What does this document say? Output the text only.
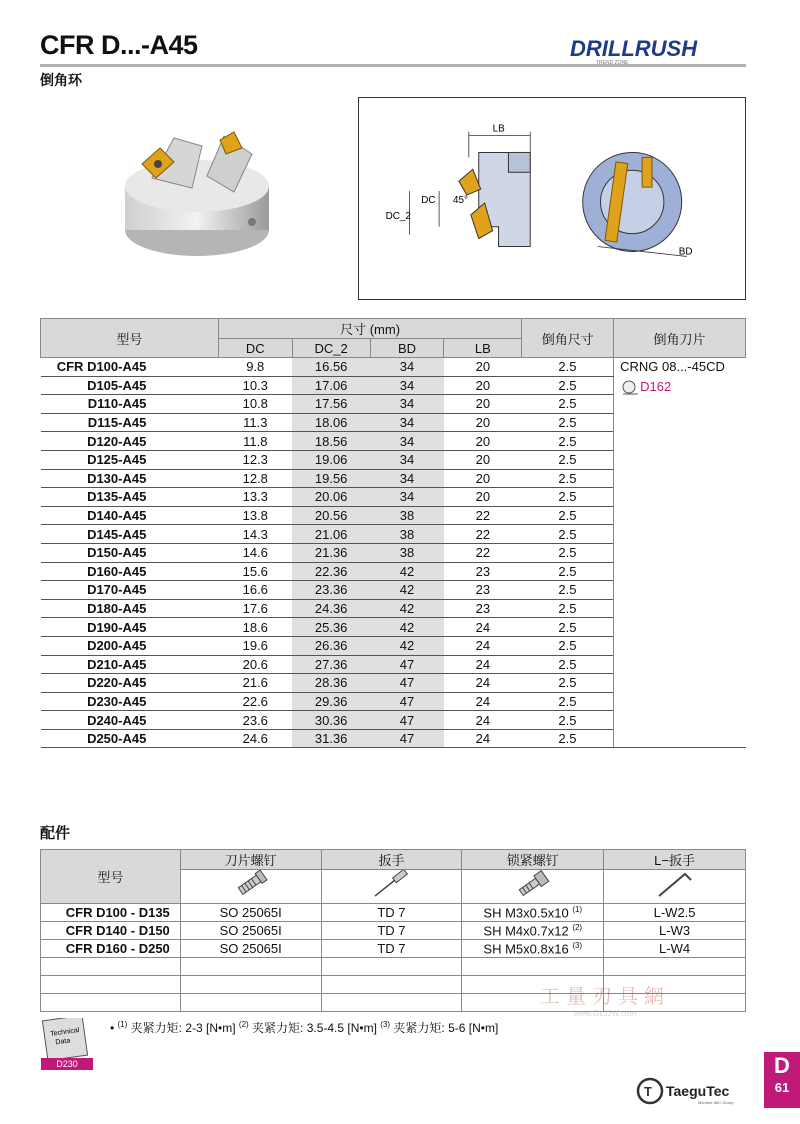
CFR D...-A45
倒角环
DRILLRUSH
TREND ZONE
LB
DC
DC_2
45°
BD
型号	尺寸 (mm)				倒角尺寸	倒角刀片
	DC	DC_2	BD	LB		
CFR D100-A45	9.8	16.56	34	20	2.5	CRNG 08...-45CD
D162

D105-A45	10.3	17.06	34	20	2.5	
D110-A45	10.8	17.56	34	20	2.5	
D115-A45	11.3	18.06	34	20	2.5	
D120-A45	11.8	18.56	34	20	2.5	
D125-A45	12.3	19.06	34	20	2.5	
D130-A45	12.8	19.56	34	20	2.5	
D135-A45	13.3	20.06	34	20	2.5	
D140-A45	13.8	20.56	38	22	2.5	
D145-A45	14.3	21.06	38	22	2.5	
D150-A45	14.6	21.36	38	22	2.5	
D160-A45	15.6	22.36	42	23	2.5	
D170-A45	16.6	23.36	42	23	2.5	
D180-A45	17.6	24.36	42	23	2.5	
D190-A45	18.6	25.36	42	24	2.5	
D200-A45	19.6	26.36	42	24	2.5	
D210-A45	20.6	27.36	47	24	2.5	
D220-A45	21.6	28.36	47	24	2.5	
D230-A45	22.6	29.36	47	24	2.5	
D240-A45	23.6	30.36	47	24	2.5	
D250-A45	24.6	31.36	47	24	2.5	
配件
型号	刀片螺钉	扳手	锁紧螺钉	L−扳手

CFR D100 - D135	SO 25065I	TD 7	SH M3x0.5x10 $^{(1)}$	L-W2.5
CFR D140 - D150	SO 25065I	TD 7	SH M4x0.7x12 $^{(2)}$	L-W3
CFR D160 - D250	SO 25065I	TD 7	SH M5x0.8x16 $^{(3)}$	L-W4

Technical
Data
D230
• $^{(1)}$ 夹紧力矩: 2-3 [N•m] $^{(2)}$ 夹紧力矩: 3.5-4.5 [N•m] $^{(3)}$ 夹紧力矩: 5-6 [N•m]
工量刃具網
www.GLJJW.com
T TaeguTec
Member IMC Group
D
61
